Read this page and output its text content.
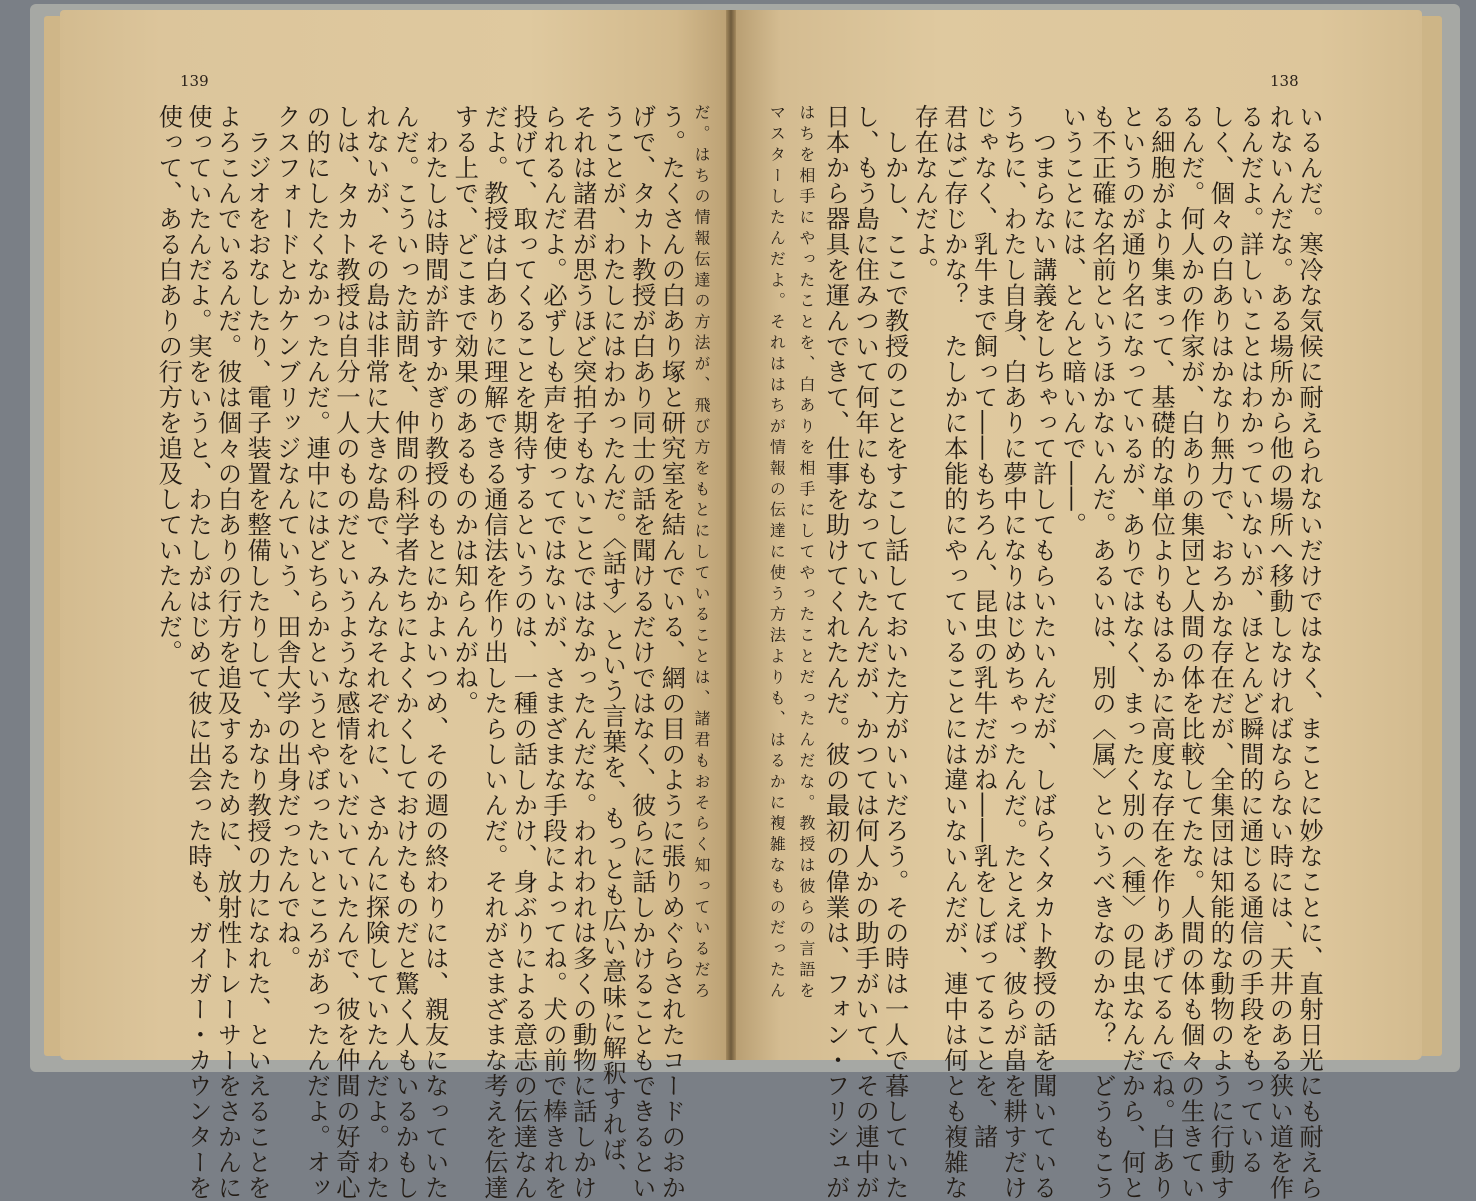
139	138
だ。はちの情報伝達の方法が、飛び方をもとにしていることは、諸君もおそらく知っているだろ
う。たくさんの白あり塚と研究室を結んでいる、網の目のように張りめぐらされたコードのおか
げで、タカト教授が白あり同士の話を聞けるだけではなく、彼らに話しかけることもできるとい
うことが、わたしにはわかったんだ。〈話す〉という言葉を、もっとも広い意味に解釈すれば、
それは諸君が思うほど突拍子もないことではなかったんだな。われわれは多くの動物に話しかけ
られるんだよ。必ずしも声を使ってではないが、さまざまな手段によってね。犬の前で棒きれを
投げて、取ってくることを期待するというのは、一種の話しかけ、身ぶりによる意志の伝達なん
だよ。教授は白ありに理解できる通信法を作り出したらしいんだ。それがさまざまな考えを伝達
する上で、どこまで効果のあるものかは知らんがね。
　わたしは時間が許すかぎり教授のもとにかよいつめ、その週の終わりには、親友になっていた
んだ。こういった訪問を、仲間の科学者たちによくかくしておけたものだと驚く人もいるかもし
れないが、その島は非常に大きな島で、みんなそれぞれに、さかんに探険していたんだよ。わた
しは、タカト教授は自分一人のものだというような感情をいだいていたんで、彼を仲間の好奇心
の的にしたくなかったんだ。連中にはどちらかというとやぼったいところがあったんだよ。オッ
クスフォードとかケンブリッジなんていう、田舎大学の出身だったんでね。
　ラジオをおなしたり、電子装置を整備したりして、かなり教授の力になれた、といえることを
よろこんでいるんだ。彼は個々の白ありの行方を追及するために、放射性トレーサーをさかんに
使っていたんだよ。実をいうと、わたしがはじめて彼に出会った時も、ガイガー・カウンターを
使って、ある白ありの行方を追及していたんだ。	いるんだ。寒冷な気候に耐えられないだけではなく、まことに妙なことに、直射日光にも耐えら
れないんだな。ある場所から他の場所へ移動しなければならない時には、天井のある狭い道を作
るんだよ。詳しいことはわかっていないが、ほとんど瞬間的に通じる通信の手段をもっている
しく、個々の白ありはかなり無力で、おろかな存在だが、全集団は知能的な動物のように行動す
るんだ。何人かの作家が、白ありの集団と人間の体を比較してたな。人間の体も個々の生きてい
る細胞がより集まって、基礎的な単位よりもはるかに高度な存在を作りあげてるんでね。白あり
というのが通り名になっているが、ありではなく、まったく別の〈種〉の昆虫なんだから、何と
も不正確な名前というほかないんだ。あるいは、別の〈属〉というべきなのかな？　どうもこう
いうことには、とんと暗いんで――。
　つまらない講義をしちゃって許してもらいたいんだが、しばらくタカト教授の話を聞いている
うちに、わたし自身、白ありに夢中になりはじめちゃったんだ。たとえば、彼らが畠を耕すだけ
じゃなく、乳牛まで飼って――もちろん、昆虫の乳牛だがね――乳をしぼってることを、諸
君はご存じかな？　たしかに本能的にやっていることには違いないんだが、連中は何とも複雑な
存在なんだよ。
　しかし、ここで教授のことをすこし話しておいた方がいいだろう。その時は一人で暮していた
し、もう島に住みついて何年にもなっていたんだが、かつては何人かの助手がいて、その連中が
日本から器具を運んできて、仕事を助けてくれたんだ。彼の最初の偉業は、フォン・フリシュが
はちを相手にやったことを、白ありを相手にしてやったことだったんだな。教授は彼らの言語を
マスターしたんだよ。それははちが情報の伝達に使う方法よりも、はるかに複雑なものだったん
